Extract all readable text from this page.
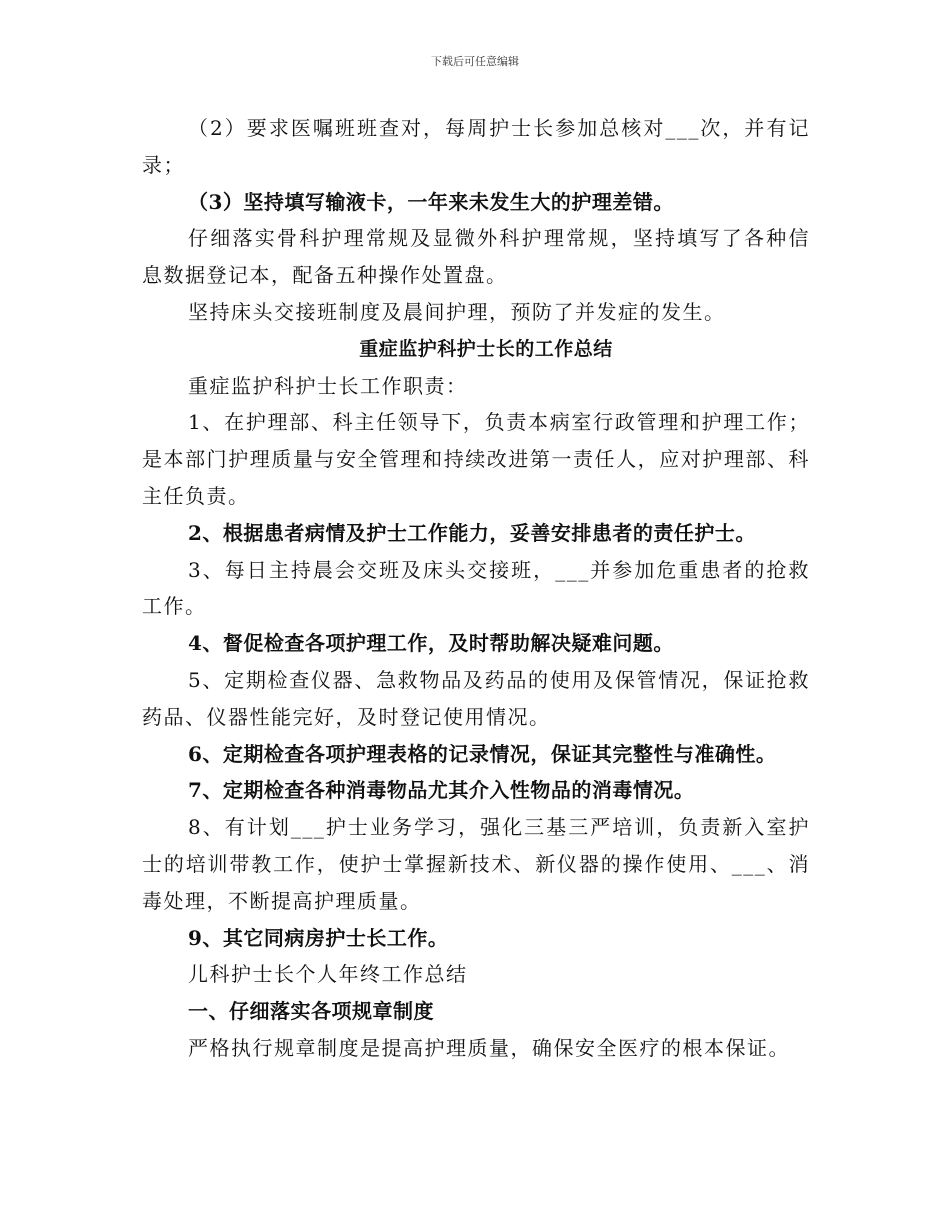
下载后可任意编辑

（2）要求医嘱班班查对，每周护士长参加总核对___次，并有记录；

（3）坚持填写输液卡，一年来未发生大的护理差错。

仔细落实骨科护理常规及显微外科护理常规，坚持填写了各种信息数据登记本，配备五种操作处置盘。

坚持床头交接班制度及晨间护理，预防了并发症的发生。

重症监护科护士长的工作总结

重症监护科护士长工作职责：

1、在护理部、科主任领导下，负责本病室行政管理和护理工作；是本部门护理质量与安全管理和持续改进第一责任人，应对护理部、科主任负责。

2、根据患者病情及护士工作能力，妥善安排患者的责任护士。

3、每日主持晨会交班及床头交接班，___并参加危重患者的抢救工作。

4、督促检查各项护理工作，及时帮助解决疑难问题。

5、定期检查仪器、急救物品及药品的使用及保管情况，保证抢救药品、仪器性能完好，及时登记使用情况。

6、定期检查各项护理表格的记录情况，保证其完整性与准确性。

7、定期检查各种消毒物品尤其介入性物品的消毒情况。

8、有计划___护士业务学习，强化三基三严培训，负责新入室护士的培训带教工作，使护士掌握新技术、新仪器的操作使用、___、消毒处理，不断提高护理质量。

9、其它同病房护士长工作。

儿科护士长个人年终工作总结

一、仔细落实各项规章制度

严格执行规章制度是提高护理质量，确保安全医疗的根本保证。
